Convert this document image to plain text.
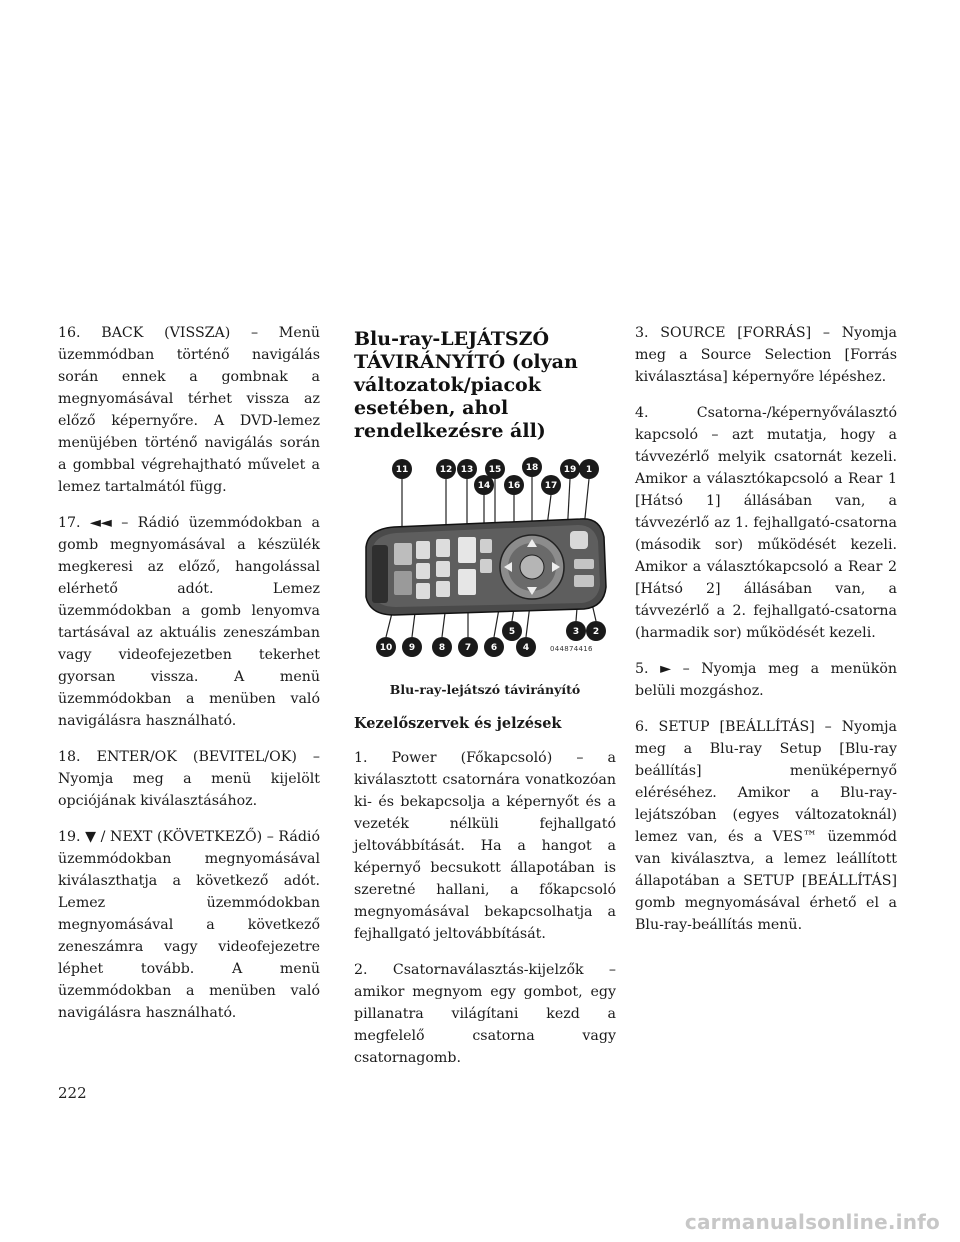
16. BACK (VISSZA) – Menü üzemmódban történő navigálás során ennek a gombnak a megnyomásával térhet vissza az előző képernyőre. A DVD-lemez menüjében történő navigálás során a gombbal végrehajtható művelet a lemez tartalmától függ.

17. ◄◄ – Rádió üzemmódokban a gomb megnyomásával a készülék megkeresi az előző, hangolással elérhető adót. Lemez üzemmódokban a gomb lenyomva tartásával az aktuális zeneszámban vagy videofejezetben tekerhet gyorsan vissza. A menü üzemmódokban a menüben való navigálásra használható.

18. ENTER/OK (BEVITEL/OK) – Nyomja meg a menü kijelölt opciójának kiválasztásához.

19. ▼ / NEXT (KÖVETKEZŐ) – Rádió üzemmódokban megnyomásával kiválaszthatja a következő adót. Lemez üzemmódokban megnyomásával a következő zeneszámra vagy videofejezetre léphet tovább. A menü üzemmódokban a menüben való navigálásra használható.

Blu-ray-LEJÁTSZÓ TÁVIRÁNYÍTÓ (olyan változatok/piacok esetében, ahol rendelkezésre áll)
11	12 13
14
15
16
18
17
19 1
10 9	8 7 6
5
4
3 2
044874416

Blu-ray-lejátszó távirányító

Kezelőszervek és jelzések

1. Power (Főkapcsoló) – a kiválasztott csatornára vonatkozóan ki- és bekapcsolja a képernyőt és a vezeték nélküli fejhallgató jeltovábbítását. Ha a hangot a képernyő becsukott állapotában is szeretné hallani, a főkapcsoló megnyomásával bekapcsolhatja a fejhallgató jeltovábbítását.

2. Csatornaválasztás-kijelzők – amikor megnyom egy gombot, egy pillanatra világítani kezd a megfelelő csatorna vagy csatornagomb.

3. SOURCE [FORRÁS] – Nyomja meg a Source Selection [Forrás kiválasztása] képernyőre lépéshez.

4. Csatorna-/képernyőválasztó kapcsoló – azt mutatja, hogy a távvezérlő melyik csatornát kezeli. Amikor a választókapcsoló a Rear 1 [Hátsó 1] állásában van, a távvezérlő az 1. fejhallgató-csatorna (második sor) működését kezeli. Amikor a választókapcsoló a Rear 2 [Hátsó 2] állásában van, a távvezérlő a 2. fejhallgató-csatorna (harmadik sor) működését kezeli.

5. ► – Nyomja meg a menükön belüli mozgáshoz.

6. SETUP [BEÁLLÍTÁS] – Nyomja meg a Blu-ray Setup [Blu-ray beállítás] menüképernyő eléréséhez. Amikor a Blu-ray-lejátszóban (egyes változatoknál) lemez van, és a VES™ üzemmód van kiválasztva, a lemez leállított állapotában a SETUP [BEÁLLÍTÁS] gomb megnyomásával érhető el a Blu-ray-beállítás menü.

222
carmanualsonline.info
